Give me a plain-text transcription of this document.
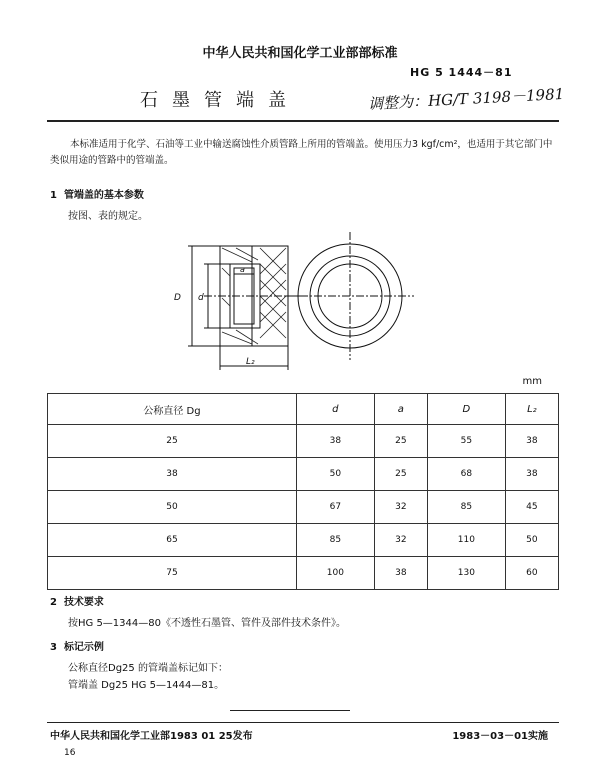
中华人民共和国化学工业部部标准
HG 5 1444－81
石墨管端盖	调整为：HG/T 3198－1981
本标准适用于化学、石油等工业中输送腐蚀性介质管路上所用的管端盖。使用压力3 kgf/cm²，也适用于其它部门中类似用途的管路中的管端盖。
1 管端盖的基本参数
按图、表的规定。
D d
a
L₂
mm
公称直径 Dg	d	a	D	L₂
25	38	25	55	38
38	50	25	68	38
50	67	32	85	45
65	85	32	110	50
75	100	38	130	60
2 技术要求
按HG 5—1344—80《不透性石墨管、管件及部件技术条件》。
3 标记示例
公称直径Dg25 的管端盖标记如下：
管端盖 Dg25 HG 5—1444—81。
中华人民共和国化学工业部1983 01 25发布	1983－03－01实施
16
